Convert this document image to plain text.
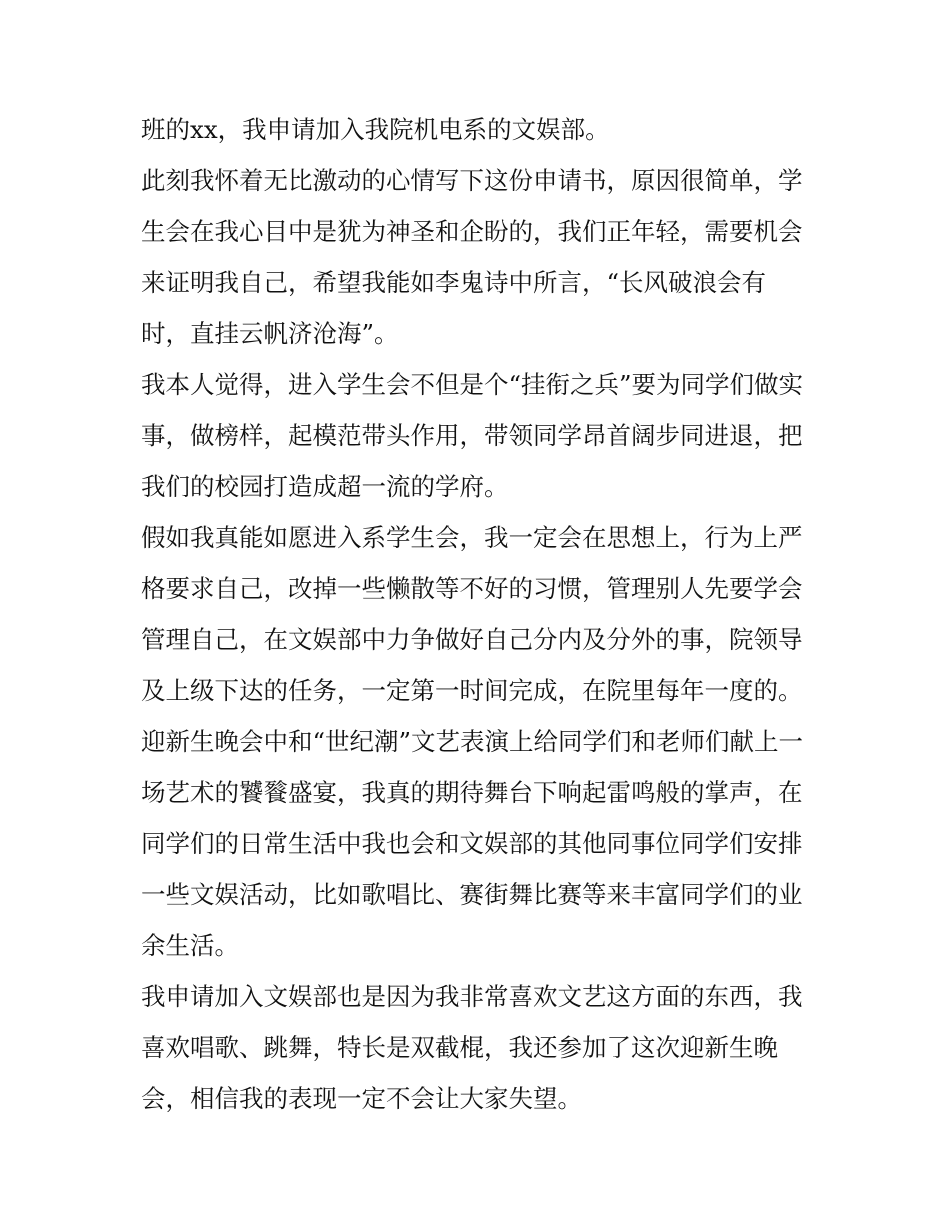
班的xx，我申请加入我院机电系的文娱部。
此刻我怀着无比激动的心情写下这份申请书，原因很简单，学
生会在我心目中是犹为神圣和企盼的，我们正年轻，需要机会
来证明我自己，希望我能如李鬼诗中所言，“长风破浪会有
时，直挂云帆济沧海”。
我本人觉得，进入学生会不但是个“挂衔之兵”要为同学们做实
事，做榜样，起模范带头作用，带领同学昂首阔步同进退，把
我们的校园打造成超一流的学府。
假如我真能如愿进入系学生会，我一定会在思想上，行为上严
格要求自己，改掉一些懒散等不好的习惯，管理别人先要学会
管理自己，在文娱部中力争做好自己分内及分外的事，院领导
及上级下达的任务，一定第一时间完成，在院里每年一度的。
迎新生晚会中和“世纪潮”文艺表演上给同学们和老师们献上一
场艺术的饕餮盛宴，我真的期待舞台下响起雷鸣般的掌声，在
同学们的日常生活中我也会和文娱部的其他同事位同学们安排
一些文娱活动，比如歌唱比、赛街舞比赛等来丰富同学们的业
余生活。
我申请加入文娱部也是因为我非常喜欢文艺这方面的东西，我
喜欢唱歌、跳舞，特长是双截棍，我还参加了这次迎新生晚
会，相信我的表现一定不会让大家失望。
